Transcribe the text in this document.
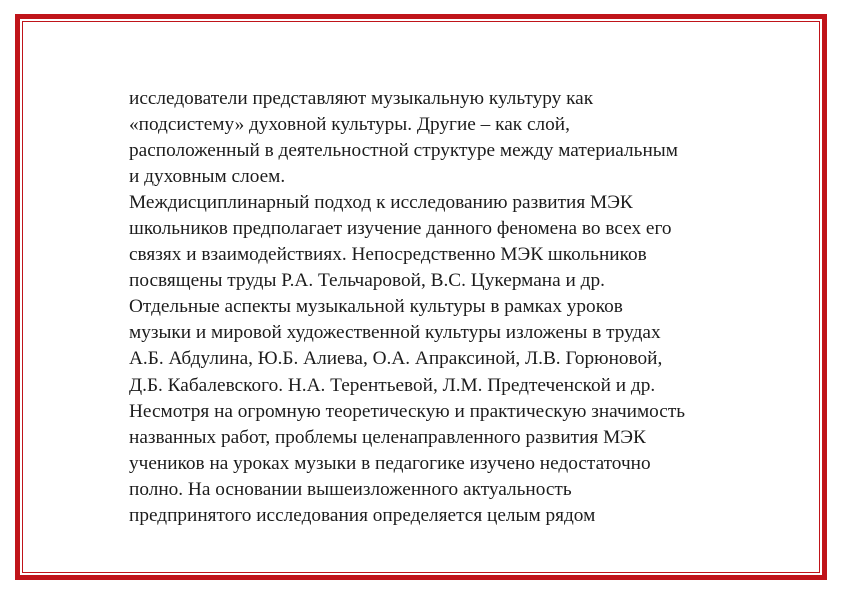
исследователи представляют музыкальную культуру как
«подсистему» духовной культуры. Другие – как слой,
расположенный в деятельностной структуре между материальным
и духовным слоем.
Междисциплинарный подход к исследованию развития МЭК
школьников предполагает изучение данного феномена во всех его
связях и взаимодействиях. Непосредственно МЭК школьников
посвящены труды Р.А. Тельчаровой, В.С. Цукермана и др.
Отдельные аспекты музыкальной культуры в рамках уроков
музыки и мировой художественной культуры изложены в трудах
А.Б. Абдулина, Ю.Б. Алиева, О.А. Апраксиной, Л.В. Горюновой,
Д.Б. Кабалевского. Н.А. Терентьевой, Л.М. Предтеченской и др.
Несмотря на огромную теоретическую и практическую значимость
названных работ, проблемы целенаправленного развития МЭК
учеников на уроках музыки в педагогике изучено недостаточно
полно. На основании вышеизложенного актуальность
предпринятого исследования определяется целым рядом
